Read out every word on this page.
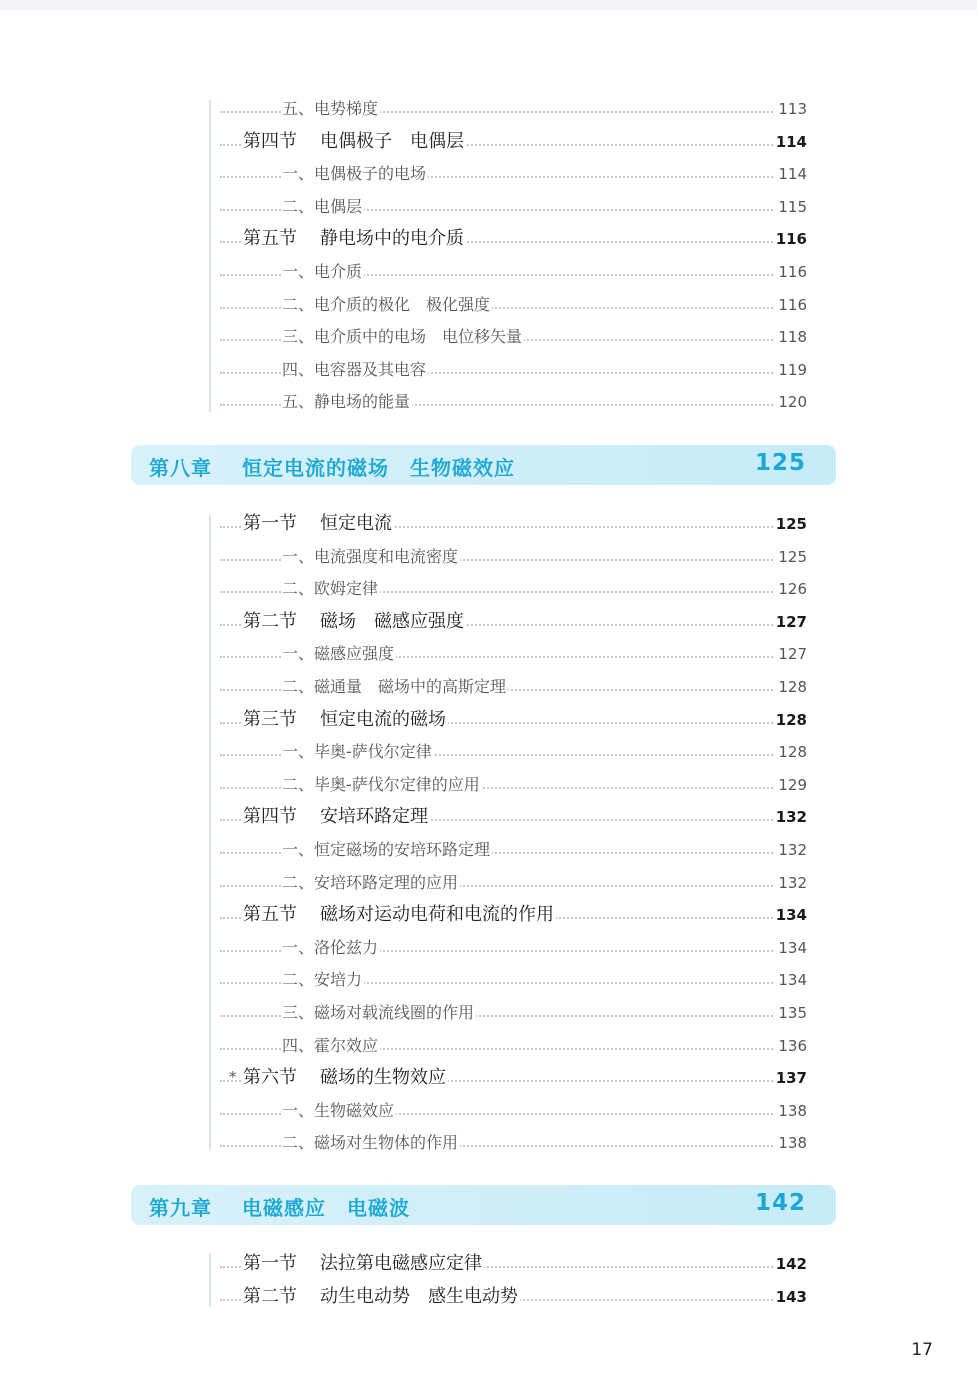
五、电势梯度	113
第四节 电偶极子　电偶层	114
一、电偶极子的电场	114
二、电偶层	115
第五节 静电场中的电介质	116
一、电介质	116
二、电介质的极化　极化强度	116
三、电介质中的电场　电位移矢量	118
四、电容器及其电容	119
五、静电场的能量	120
第八章 恒定电流的磁场　生物磁效应	125
第一节 恒定电流	125
一、电流强度和电流密度	125
二、欧姆定律	126
第二节 磁场　磁感应强度	127
一、磁感应强度	127
二、磁通量　磁场中的高斯定理	128
第三节 恒定电流的磁场	128
一、毕奥-萨伐尔定律	128
二、毕奥-萨伐尔定律的应用	129
第四节 安培环路定理	132
一、恒定磁场的安培环路定理	132
二、安培环路定理的应用	132
第五节 磁场对运动电荷和电流的作用	134
一、洛伦兹力	134
二、安培力	134
三、磁场对载流线圈的作用	135
四、霍尔效应	136
* 第六节 磁场的生物效应	137
一、生物磁效应	138
二、磁场对生物体的作用	138
第九章 电磁感应　电磁波	142
第一节 法拉第电磁感应定律	142
第二节 动生电动势　感生电动势	143
17
